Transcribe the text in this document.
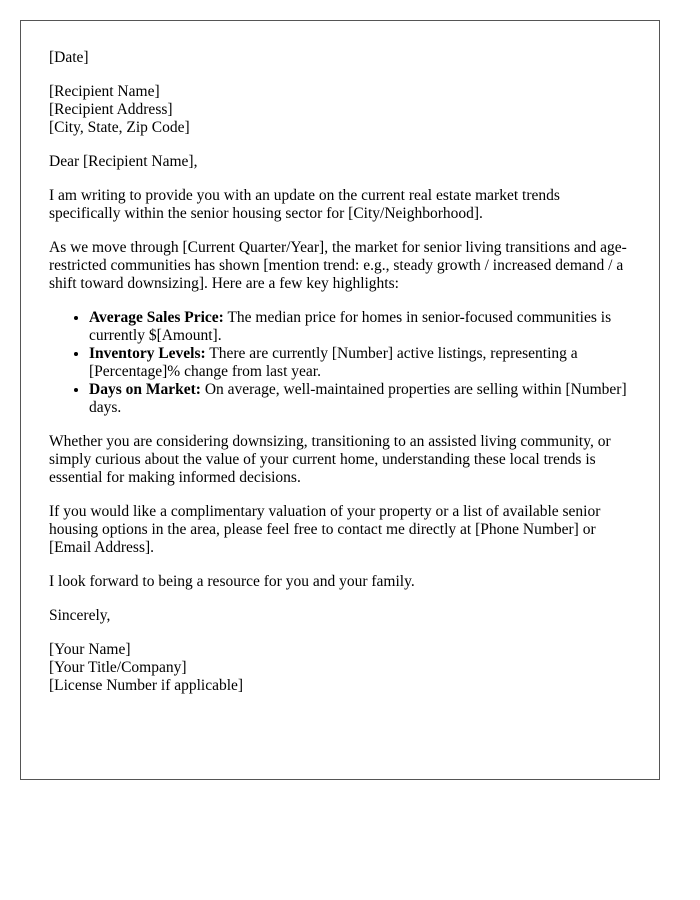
[Date]

[Recipient Name]
[Recipient Address]
[City, State, Zip Code]

Dear [Recipient Name],

I am writing to provide you with an update on the current real estate market trends specifically within the senior housing sector for [City/Neighborhood].

As we move through [Current Quarter/Year], the market for senior living transitions and age-restricted communities has shown [mention trend: e.g., steady growth / increased demand / a shift toward downsizing]. Here are a few key highlights:

• Average Sales Price: The median price for homes in senior-focused communities is currently $[Amount].
• Inventory Levels: There are currently [Number] active listings, representing a [Percentage]% change from last year.
• Days on Market: On average, well-maintained properties are selling within [Number] days.

Whether you are considering downsizing, transitioning to an assisted living community, or simply curious about the value of your current home, understanding these local trends is essential for making informed decisions.

If you would like a complimentary valuation of your property or a list of available senior housing options in the area, please feel free to contact me directly at [Phone Number] or [Email Address].

I look forward to being a resource for you and your family.

Sincerely,

[Your Name]
[Your Title/Company]
[License Number if applicable]
